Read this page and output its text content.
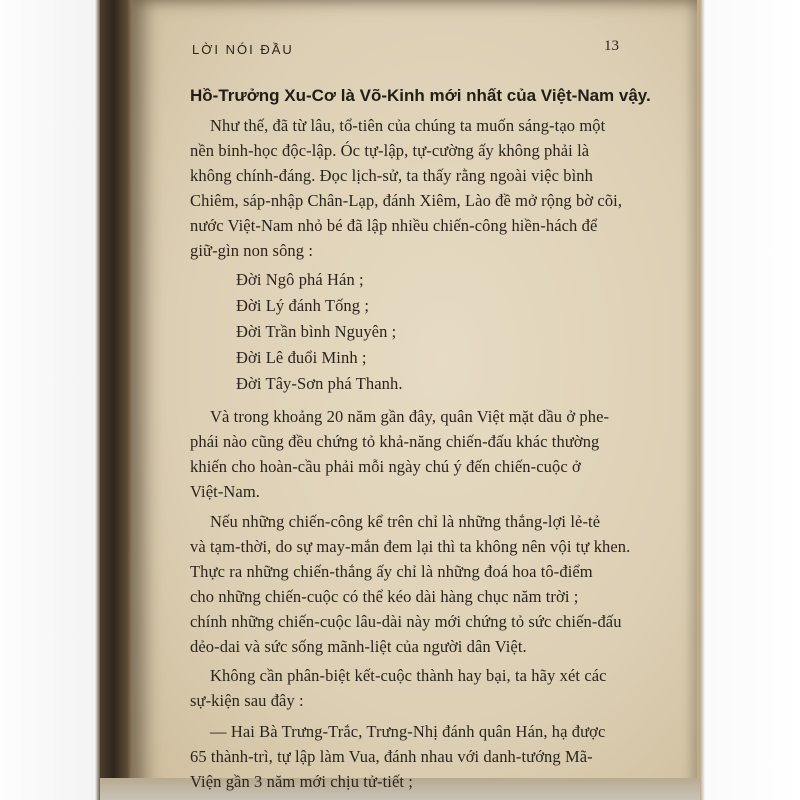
LỜI NÓI ĐẦU	13
Hồ-Trưởng Xu-Cơ là Võ-Kinh mới nhất của Việt-Nam vậy.
Như thế, đã từ lâu, tổ-tiên của chúng ta muốn sáng-tạo một
nền binh-học độc-lập. Óc tự-lập, tự-cường ấy không phải là
không chính-đáng. Đọc lịch-sử, ta thấy rằng ngoài việc bình
Chiêm, sáp-nhập Chân-Lạp, đánh Xiêm, Lào đề mở rộng bờ cõi,
nước Việt-Nam nhỏ bé đã lập nhiều chiến-công hiền-hách để
giữ-gìn non sông :
Đời Ngô phá Hán ;
Đời Lý đánh Tống ;
Đời Trần bình Nguyên ;
Đời Lê đuổi Minh ;
Đời Tây-Sơn phá Thanh.
Và trong khoảng 20 năm gần đây, quân Việt mặt dầu ở phe-
phái nào cũng đều chứng tỏ khả-năng chiến-đấu khác thường
khiến cho hoàn-cầu phải mỗi ngày chú ý đến chiến-cuộc ở
Việt-Nam.
Nếu những chiến-công kể trên chỉ là những thắng-lợi lẻ-tẻ
và tạm-thời, do sự may-mắn đem lại thì ta không nên vội tự khen.
Thực ra những chiến-thắng ấy chỉ là những đoá hoa tô-điểm
cho những chiến-cuộc có thể kéo dài hàng chục năm trời ;
chính những chiến-cuộc lâu-dài này mới chứng tỏ sức chiến-đấu
dẻo-dai và sức sống mãnh-liệt của người dân Việt.
Không cần phân-biệt kết-cuộc thành hay bại, ta hãy xét các
sự-kiện sau đây :
— Hai Bà Trưng-Trắc, Trưng-Nhị đánh quân Hán, hạ được
65 thành-trì, tự lập làm Vua, đánh nhau với danh-tướng Mã-
Viện gần 3 năm mới chịu tử-tiết ;
